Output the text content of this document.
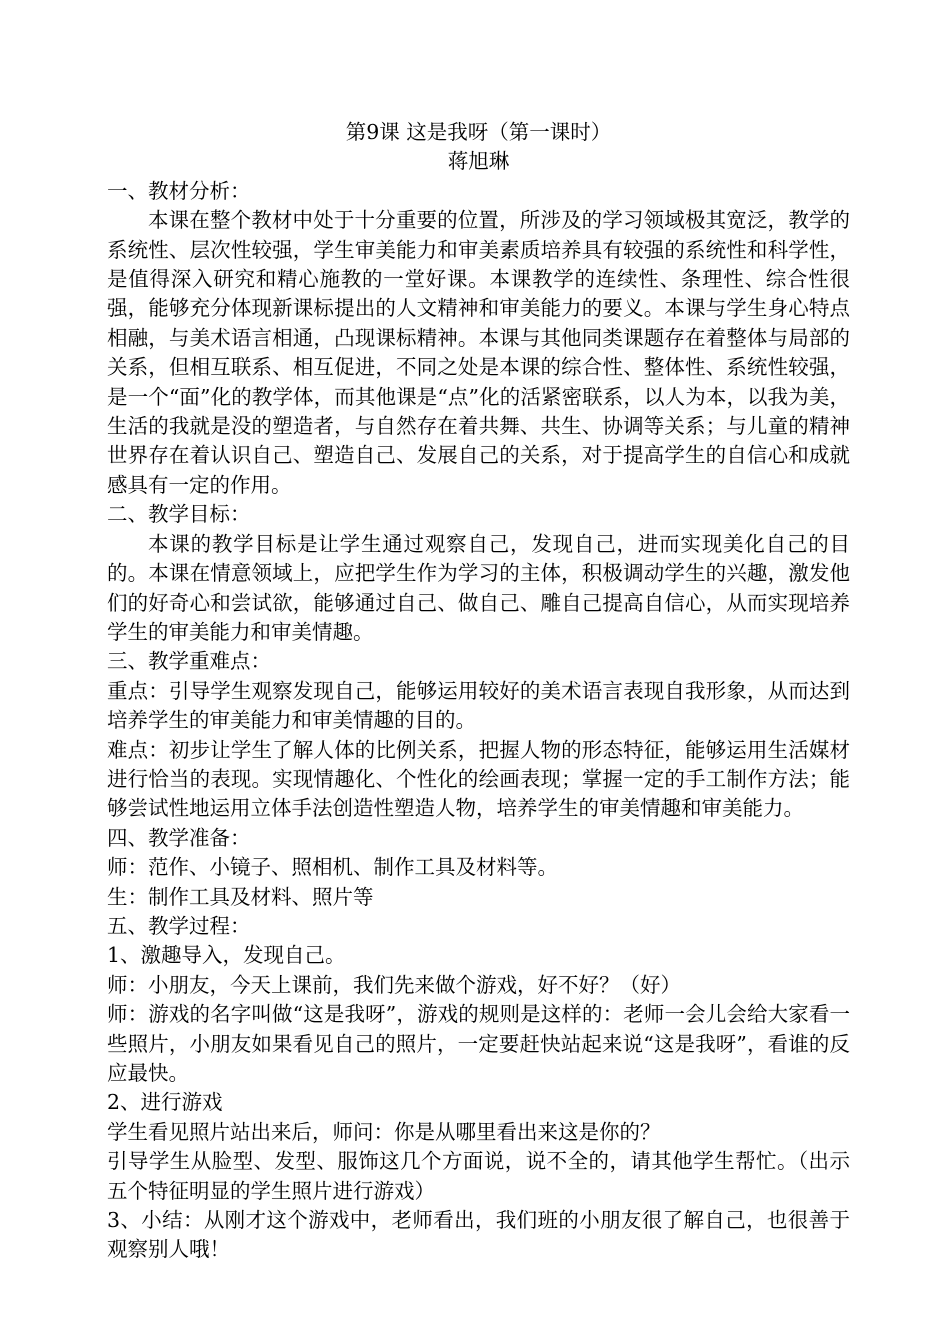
第9课 这是我呀（第一课时）

蒋旭琳

一、教材分析：

本课在整个教材中处于十分重要的位置，所涉及的学习领域极其宽泛，教学的系统性、层次性较强，学生审美能力和审美素质培养具有较强的系统性和科学性，是值得深入研究和精心施教的一堂好课。本课教学的连续性、条理性、综合性很强，能够充分体现新课标提出的人文精神和审美能力的要义。本课与学生身心特点相融，与美术语言相通，凸现课标精神。本课与其他同类课题存在着整体与局部的关系，但相互联系、相互促进，不同之处是本课的综合性、整体性、系统性较强，是一个“面”化的教学体，而其他课是“点”化的活紧密联系，以人为本，以我为美，生活的我就是没的塑造者，与自然存在着共舞、共生、协调等关系；与儿童的精神世界存在着认识自己、塑造自己、发展自己的关系，对于提高学生的自信心和成就感具有一定的作用。

二、教学目标：

本课的教学目标是让学生通过观察自己，发现自己，进而实现美化自己的目的。本课在情意领域上，应把学生作为学习的主体，积极调动学生的兴趣，激发他们的好奇心和尝试欲，能够通过自己、做自己、雕自己提高自信心，从而实现培养学生的审美能力和审美情趣。

三、教学重难点：

重点：引导学生观察发现自己，能够运用较好的美术语言表现自我形象，从而达到培养学生的审美能力和审美情趣的目的。

难点：初步让学生了解人体的比例关系，把握人物的形态特征，能够运用生活媒材进行恰当的表现。实现情趣化、个性化的绘画表现；掌握一定的手工制作方法；能够尝试性地运用立体手法创造性塑造人物，培养学生的审美情趣和审美能力。

四、教学准备：

师：范作、小镜子、照相机、制作工具及材料等。

生：制作工具及材料、照片等

五、教学过程：

1、激趣导入，发现自己。

师：小朋友，今天上课前，我们先来做个游戏，好不好？（好）

师：游戏的名字叫做“这是我呀”，游戏的规则是这样的：老师一会儿会给大家看一些照片，小朋友如果看见自己的照片，一定要赶快站起来说“这是我呀”，看谁的反应最快。

2、进行游戏

学生看见照片站出来后，师问：你是从哪里看出来这是你的？

引导学生从脸型、发型、服饰这几个方面说，说不全的，请其他学生帮忙。（出示五个特征明显的学生照片进行游戏）

3、小结：从刚才这个游戏中，老师看出，我们班的小朋友很了解自己，也很善于观察别人哦！
